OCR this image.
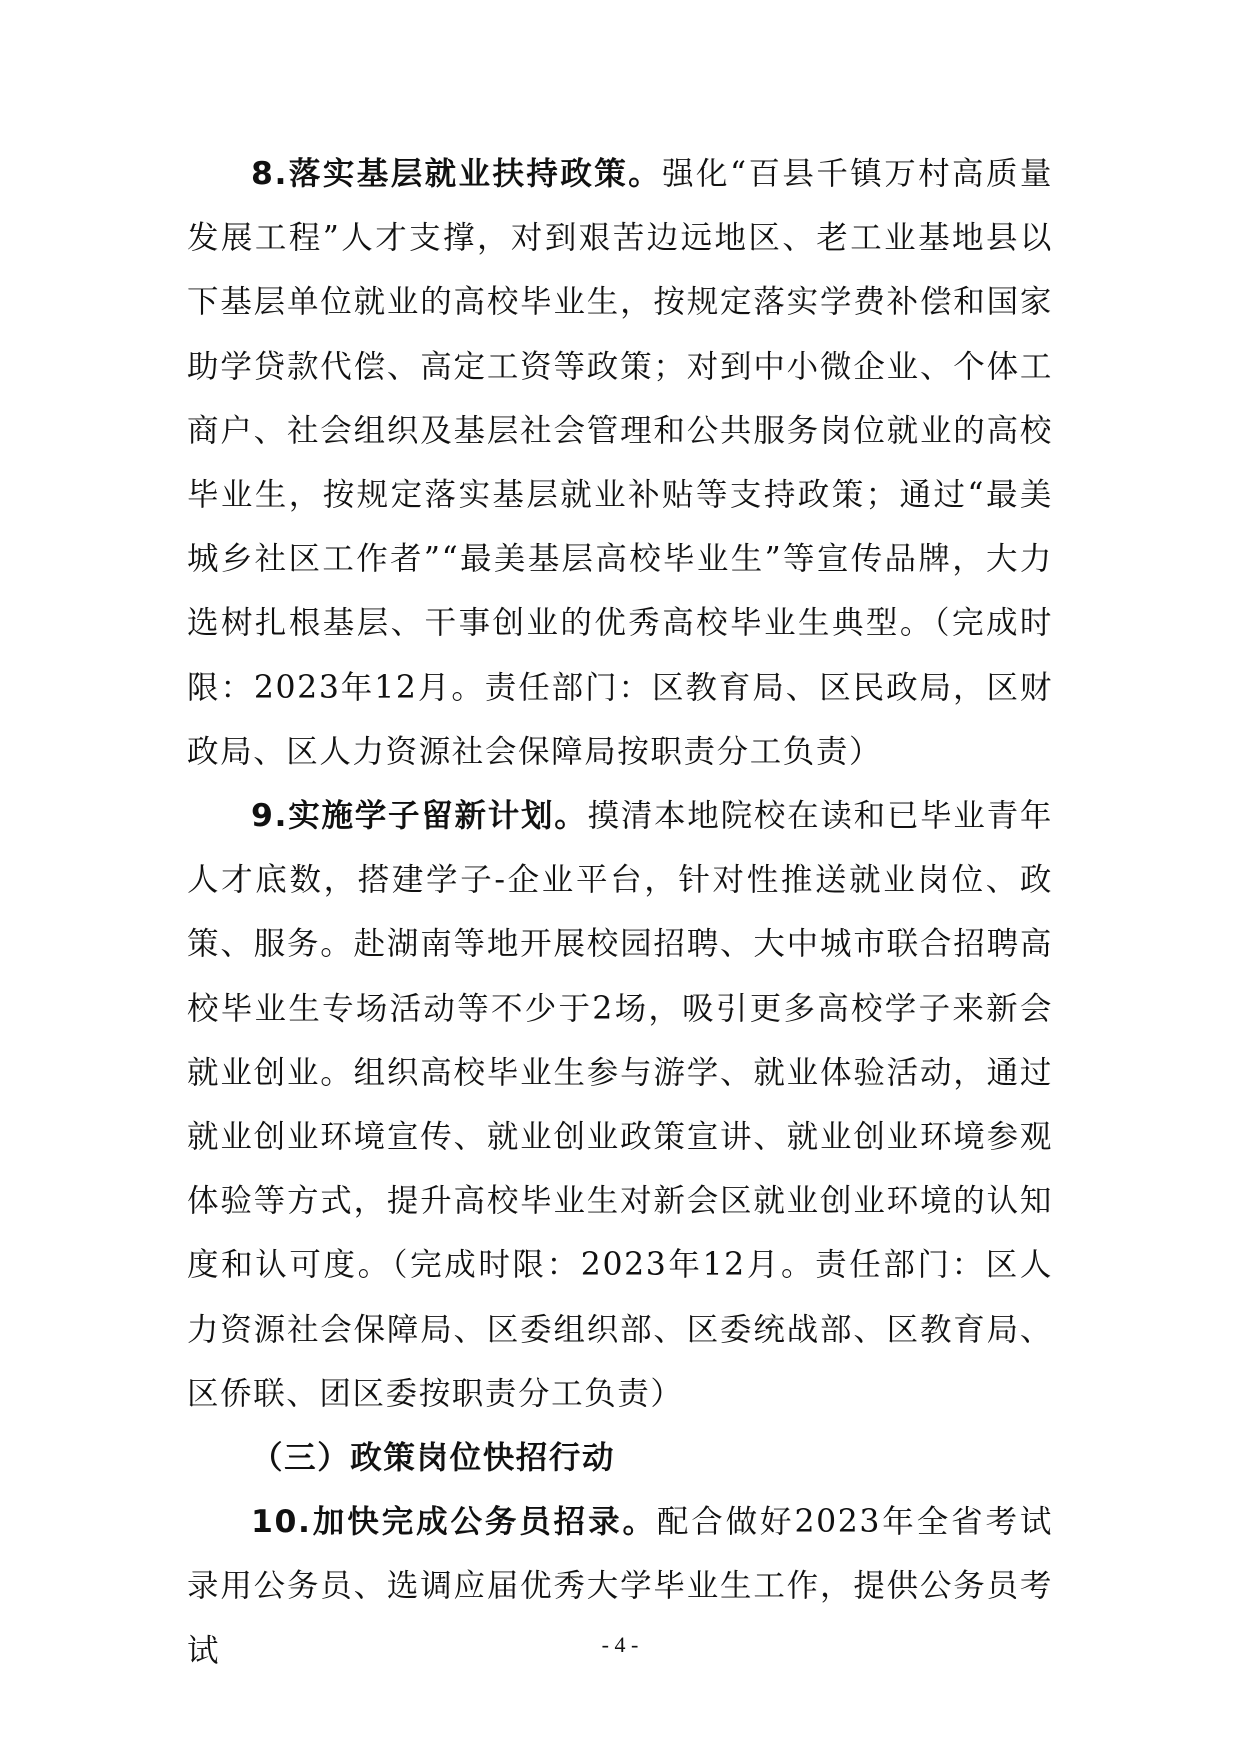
8.落实基层就业扶持政策。强化“百县千镇万村高质量发展工程”人才支撑，对到艰苦边远地区、老工业基地县以下基层单位就业的高校毕业生，按规定落实学费补偿和国家助学贷款代偿、高定工资等政策；对到中小微企业、个体工商户、社会组织及基层社会管理和公共服务岗位就业的高校毕业生，按规定落实基层就业补贴等支持政策；通过“最美城乡社区工作者”“最美基层高校毕业生”等宣传品牌，大力选树扎根基层、干事创业的优秀高校毕业生典型。（完成时限：2023年12月。责任部门：区教育局、区民政局，区财政局、区人力资源社会保障局按职责分工负责）

9.实施学子留新计划。摸清本地院校在读和已毕业青年人才底数，搭建学子-企业平台，针对性推送就业岗位、政策、服务。赴湖南等地开展校园招聘、大中城市联合招聘高校毕业生专场活动等不少于2场，吸引更多高校学子来新会就业创业。组织高校毕业生参与游学、就业体验活动，通过就业创业环境宣传、就业创业政策宣讲、就业创业环境参观体验等方式，提升高校毕业生对新会区就业创业环境的认知度和认可度。（完成时限：2023年12月。责任部门：区人力资源社会保障局、区委组织部、区委统战部、区教育局、区侨联、团区委按职责分工负责）

（三）政策岗位快招行动

10.加快完成公务员招录。配合做好2023年全省考试录用公务员、选调应届优秀大学毕业生工作，提供公务员考试	- 4 -
